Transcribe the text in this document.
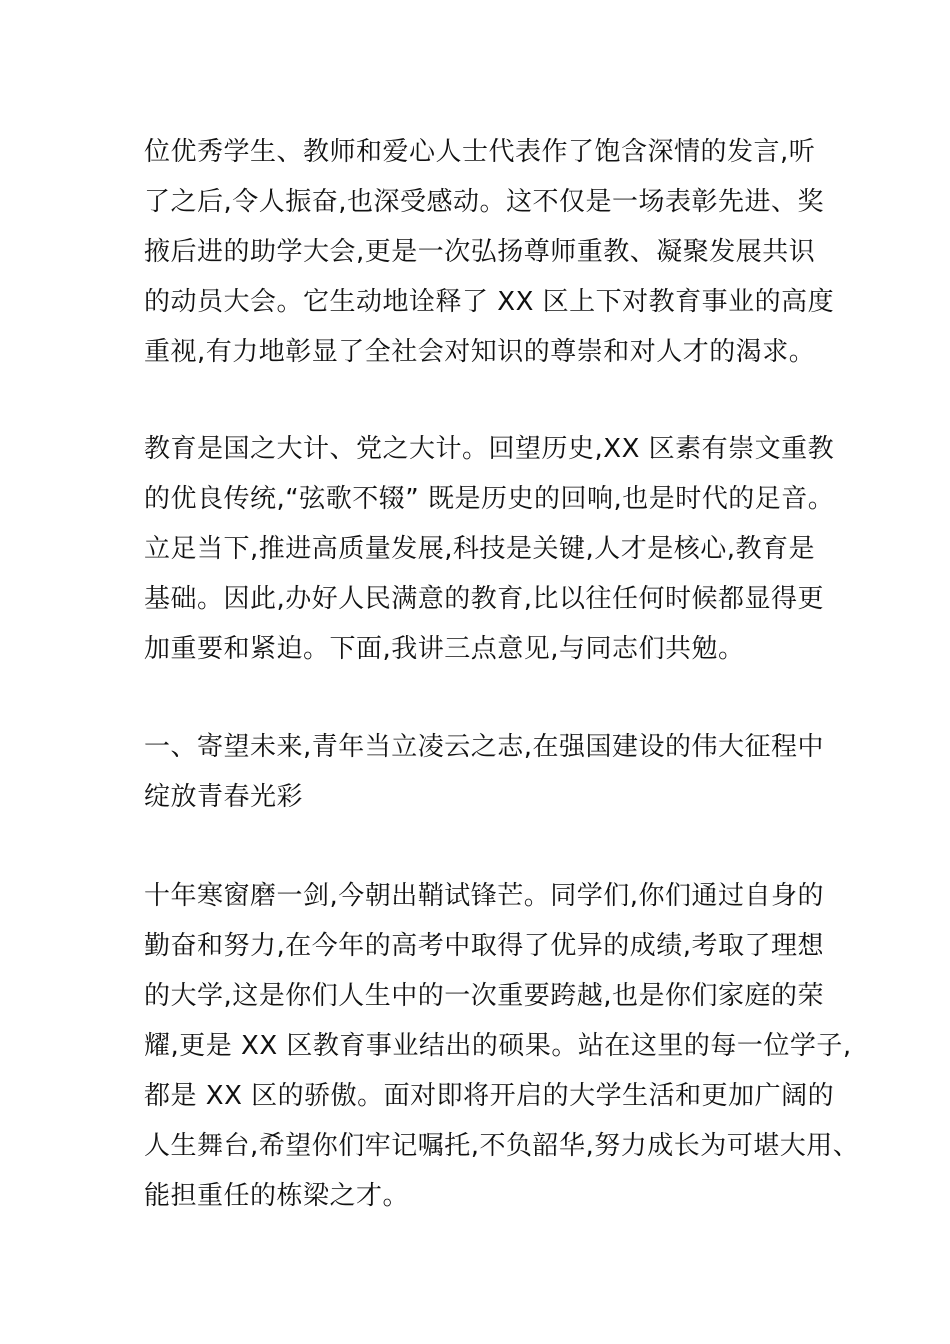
位优秀学生、教师和爱心人士代表作了饱含深情的发言,听
了之后,令人振奋,也深受感动。这不仅是一场表彰先进、奖
掖后进的助学大会,更是一次弘扬尊师重教、凝聚发展共识
的动员大会。它生动地诠释了 XX 区上下对教育事业的高度
重视,有力地彰显了全社会对知识的尊崇和对人才的渴求。

教育是国之大计、党之大计。回望历史,XX 区素有崇文重教
的优良传统,“弦歌不辍” 既是历史的回响,也是时代的足音。
立足当下,推进高质量发展,科技是关键,人才是核心,教育是
基础。因此,办好人民满意的教育,比以往任何时候都显得更
加重要和紧迫。下面,我讲三点意见,与同志们共勉。

一、寄望未来,青年当立凌云之志,在强国建设的伟大征程中
绽放青春光彩

十年寒窗磨一剑,今朝出鞘试锋芒。同学们,你们通过自身的
勤奋和努力,在今年的高考中取得了优异的成绩,考取了理想
的大学,这是你们人生中的一次重要跨越,也是你们家庭的荣
耀,更是 XX 区教育事业结出的硕果。站在这里的每一位学子,
都是 XX 区的骄傲。面对即将开启的大学生活和更加广阔的
人生舞台,希望你们牢记嘱托,不负韶华,努力成长为可堪大用、
能担重任的栋梁之才。
